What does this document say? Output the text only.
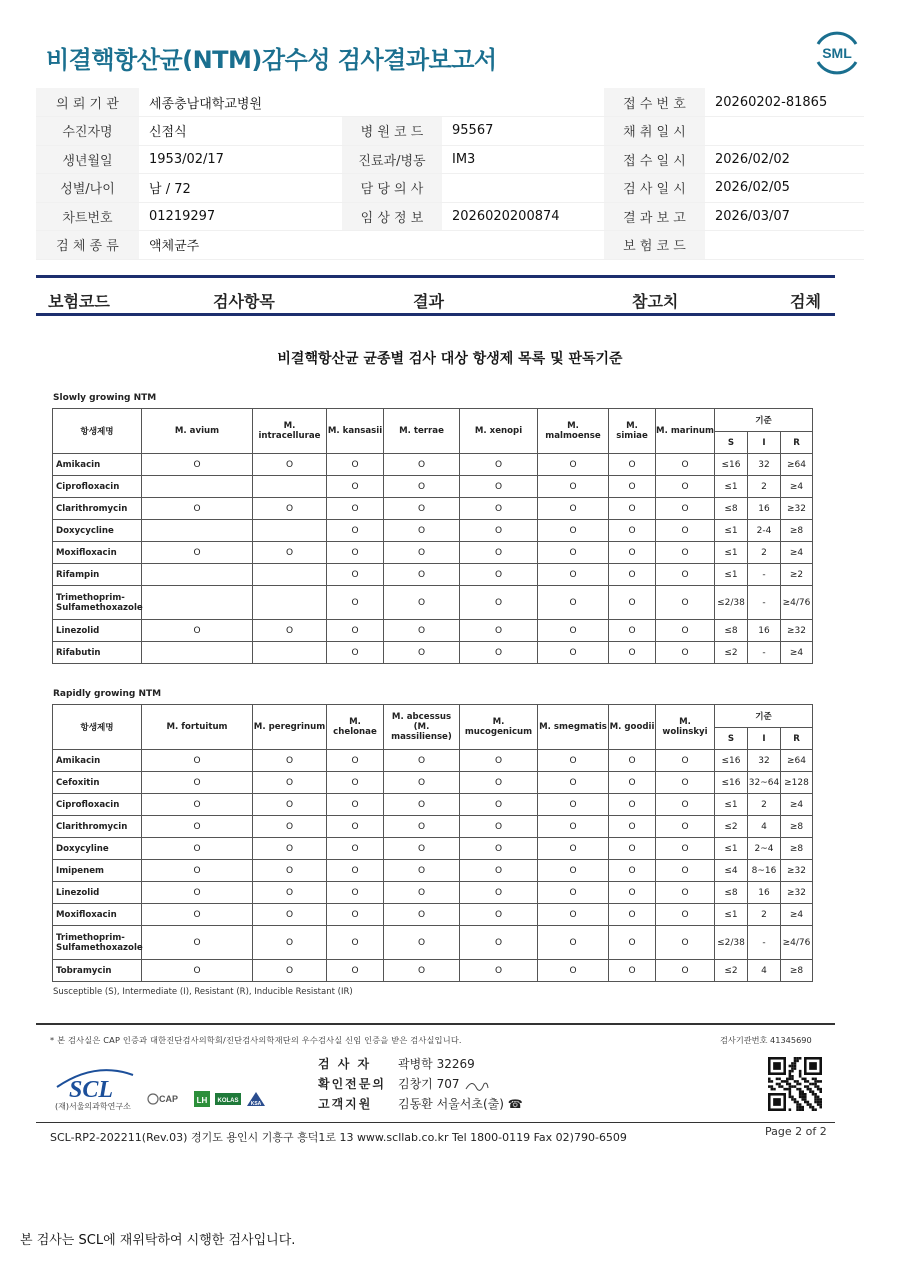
비결핵항산균(NTM)감수성 검사결과보고서	SML
의 뢰 기 관	세종충남대학교병원			접 수 번 호	20260202-81865
수진자명	신점식	병 원 코 드	95567	채 취 일 시	
생년월일	1953/02/17	진료과/병동	IM3	접 수 일 시	2026/02/02
성별/나이	남 / 72	담 당 의 사		검 사 일 시	2026/02/05
차트번호	01219297	임 상 정 보	2026020200874	결 과 보 고	2026/03/07
검 체 종 류	액체균주			보 험 코 드	
보험코드	검사항목	결과	참고치	검체
비결핵항산균 균종별 검사 대상 항생제 목록 및 판독기준
Slowly growing NTM
항생제명	M. avium	M. intracellurae	M. kansasii	M. terrae	M. xenopi	M. malmoense	M. simiae	M. marinum	기준		
									S	I	R
Amikacin	O	O	O	O	O	O	O	O	≤16	32	≥64
Ciprofloxacin			O	O	O	O	O	O	≤1	2	≥4
Clarithromycin	O	O	O	O	O	O	O	O	≤8	16	≥32
Doxycycline			O	O	O	O	O	O	≤1	2-4	≥8
Moxifloxacin	O	O	O	O	O	O	O	O	≤1	2	≥4
Rifampin			O	O	O	O	O	O	≤1	-	≥2
Trimethoprim-Sulfamethoxazole			O	O	O	O	O	O	≤2/38	-	≥4/76
Linezolid	O	O	O	O	O	O	O	O	≤8	16	≥32
Rifabutin			O	O	O	O	O	O	≤2	-	≥4
Rapidly growing NTM
항생제명	M. fortuitum	M. peregrinum	M. chelonae	M. abcessus (M. massiliense)	M. mucogenicum	M. smegmatis	M. goodii	M. wolinskyi	기준		
									S	I	R
Amikacin	O	O	O	O	O	O	O	O	≤16	32	≥64
Cefoxitin	O	O	O	O	O	O	O	O	≤16	32~64	≥128
Ciprofloxacin	O	O	O	O	O	O	O	O	≤1	2	≥4
Clarithromycin	O	O	O	O	O	O	O	O	≤2	4	≥8
Doxycyline	O	O	O	O	O	O	O	O	≤1	2~4	≥8
Imipenem	O	O	O	O	O	O	O	O	≤4	8~16	≥32
Linezolid	O	O	O	O	O	O	O	O	≤8	16	≥32
Moxifloxacin	O	O	O	O	O	O	O	O	≤1	2	≥4
Trimethoprim-Sulfamethoxazole	O	O	O	O	O	O	O	O	≤2/38	-	≥4/76
Tobramycin	O	O	O	O	O	O	O	O	≤2	4	≥8
Susceptible (S), Intermediate (I), Resistant (R), Inducible Resistant (IR)
* 본 검사실은 CAP 인증과 대한진단검사의학회/진단검사의학재단의 우수검사실 신임 인증을 받은 검사실입니다.	검사기관번호 41345690
SCL
(재)서울의과학연구소
CAP LH KOLAS KSA
검 사 자 곽병학 32269
확인전문의 김창기 707
고객지원 김동환 서울서초(출) ☎
SCL-RP2-202211(Rev.03) 경기도 용인시 기흥구 흥덕1로 13 www.scllab.co.kr Tel 1800-0119 Fax 02)790-6509	Page 2 of 2
본 검사는 SCL에 재위탁하여 시행한 검사입니다.
